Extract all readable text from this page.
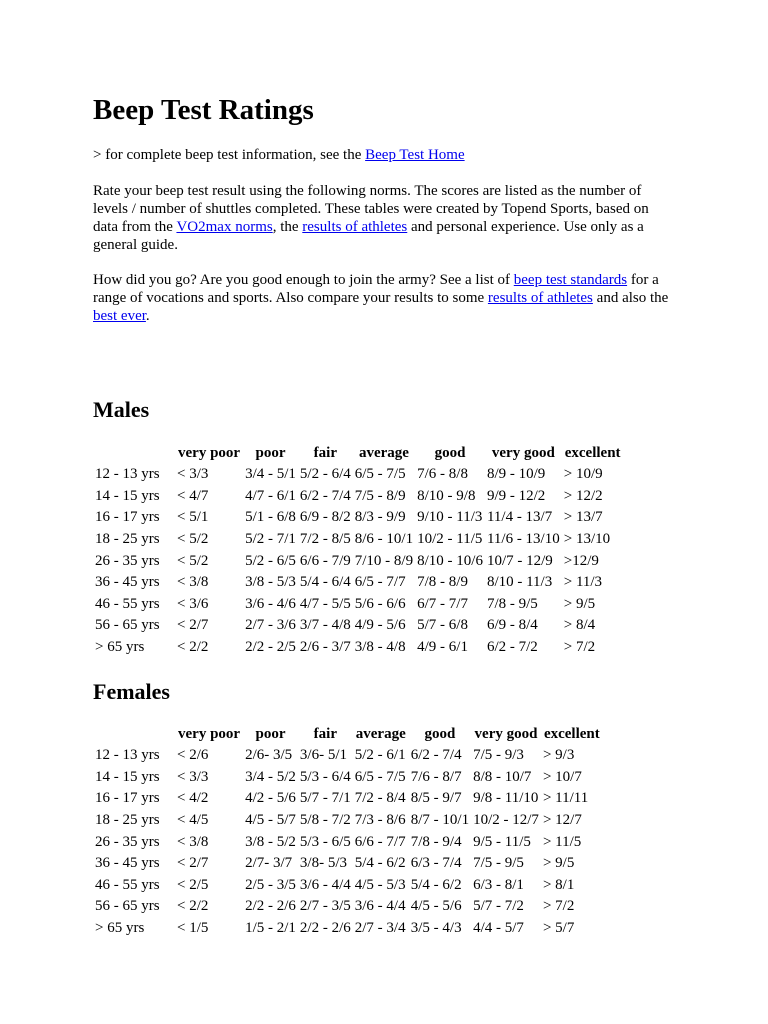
Beep Test Ratings

> for complete beep test information, see the Beep Test Home

Rate your beep test result using the following norms. The scores are listed as the number of levels / number of shuttles completed. These tables were created by Topend Sports, based on data from the VO2max norms, the results of athletes and personal experience. Use only as a general guide.

How did you go? Are you good enough to join the army? See a list of beep test standards for a range of vocations and sports. Also compare your results to some results of athletes and also the best ever.

Males
	very poor	poor	fair	average	good	very good	excellent
12 - 13 yrs	< 3/3	3/4 - 5/1	5/2 - 6/4	6/5 - 7/5	7/6 - 8/8	8/9 - 10/9	> 10/9
14 - 15 yrs	< 4/7	4/7 - 6/1	6/2 - 7/4	7/5 - 8/9	8/10 - 9/8	9/9 - 12/2	> 12/2
16 - 17 yrs	< 5/1	5/1 - 6/8	6/9 - 8/2	8/3 - 9/9	9/10 - 11/3	11/4 - 13/7	> 13/7
18 - 25 yrs	< 5/2	5/2 - 7/1	7/2 - 8/5	8/6 - 10/1	10/2 - 11/5	11/6 - 13/10	> 13/10
26 - 35 yrs	< 5/2	5/2 - 6/5	6/6 - 7/9	7/10 - 8/9	8/10 - 10/6	10/7 - 12/9	>12/9
36 - 45 yrs	< 3/8	3/8 - 5/3	5/4 - 6/4	6/5 - 7/7	7/8 - 8/9	8/10 - 11/3	> 11/3
46 - 55 yrs	< 3/6	3/6 - 4/6	4/7 - 5/5	5/6 - 6/6	6/7 - 7/7	7/8 - 9/5	> 9/5
56 - 65 yrs	< 2/7	2/7 - 3/6	3/7 - 4/8	4/9 - 5/6	5/7 - 6/8	6/9 - 8/4	> 8/4
> 65 yrs	< 2/2	2/2 - 2/5	2/6 - 3/7	3/8 - 4/8	4/9 - 6/1	6/2 - 7/2	> 7/2
Females
	very poor	poor	fair	average	good	very good	excellent
12 - 13 yrs	< 2/6	2/6- 3/5	3/6- 5/1	5/2 - 6/1	6/2 - 7/4	7/5 - 9/3	> 9/3
14 - 15 yrs	< 3/3	3/4 - 5/2	5/3 - 6/4	6/5 - 7/5	7/6 - 8/7	8/8 - 10/7	> 10/7
16 - 17 yrs	< 4/2	4/2 - 5/6	5/7 - 7/1	7/2 - 8/4	8/5 - 9/7	9/8 - 11/10	> 11/11
18 - 25 yrs	< 4/5	4/5 - 5/7	5/8 - 7/2	7/3 - 8/6	8/7 - 10/1	10/2 - 12/7	> 12/7
26 - 35 yrs	< 3/8	3/8 - 5/2	5/3 - 6/5	6/6 - 7/7	7/8 - 9/4	9/5 - 11/5	> 11/5
36 - 45 yrs	< 2/7	2/7- 3/7	3/8- 5/3	5/4 - 6/2	6/3 - 7/4	7/5 - 9/5	> 9/5
46 - 55 yrs	< 2/5	2/5 - 3/5	3/6 - 4/4	4/5 - 5/3	5/4 - 6/2	6/3 - 8/1	> 8/1
56 - 65 yrs	< 2/2	2/2 - 2/6	2/7 - 3/5	3/6 - 4/4	4/5 - 5/6	5/7 - 7/2	> 7/2
> 65 yrs	< 1/5	1/5 - 2/1	2/2 - 2/6	2/7 - 3/4	3/5 - 4/3	4/4 - 5/7	> 5/7
